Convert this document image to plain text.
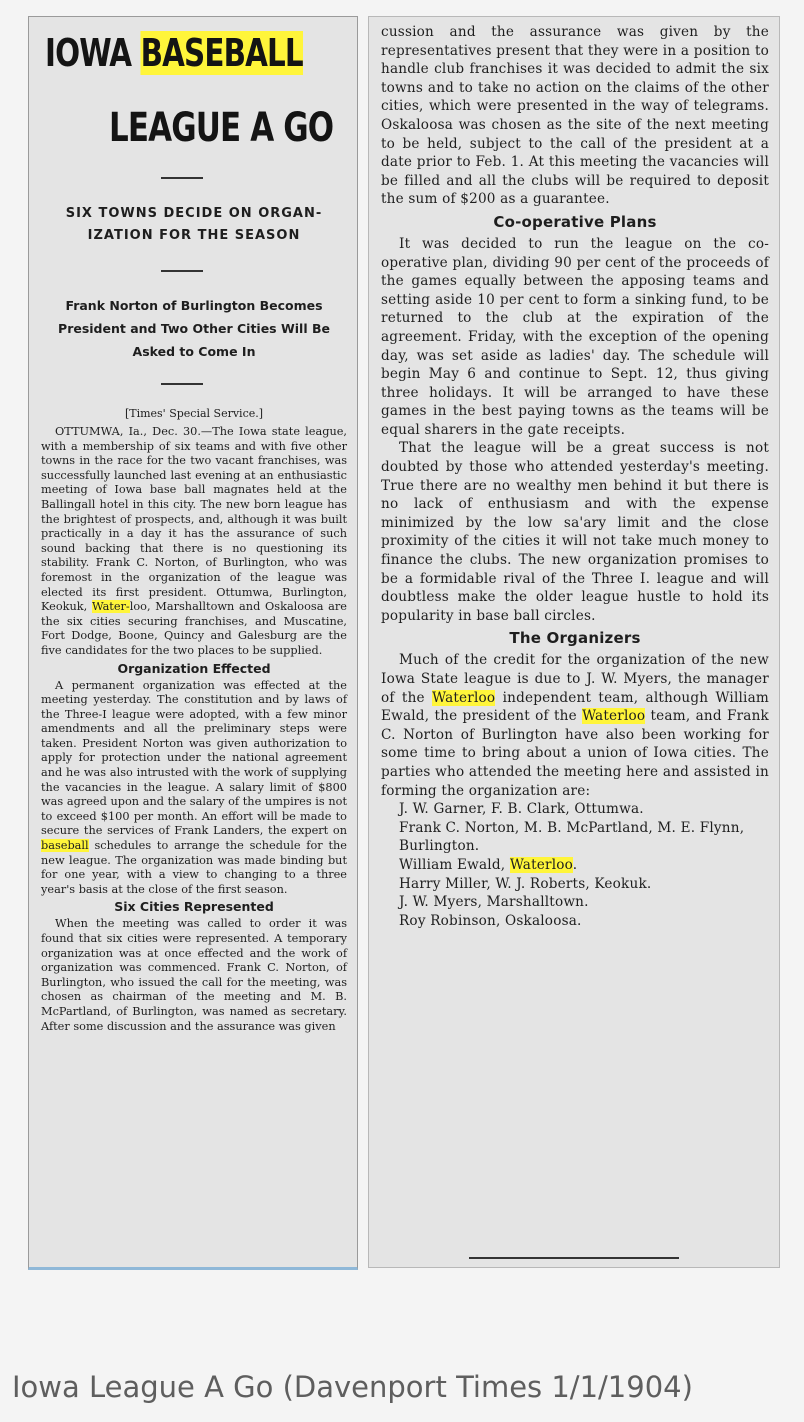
IOWA BASEBALL
LEAGUE A GO
SIX TOWNS DECIDE ON ORGAN-IZATION FOR THE SEASON
Frank Norton of Burlington Becomes President and Two Other Cities Will Be Asked to Come In
[Times' Special Service.]

OTTUMWA, Ia., Dec. 30.—The Iowa state league, with a membership of six teams and with five other towns in the race for the two vacant franchises, was successfully launched last evening at an enthusiastic meeting of Iowa base ball magnates held at the Ballingall hotel in this city. The new born league has the brightest of prospects, and, although it was built practically in a day it has the assurance of such sound backing that there is no questioning its stability. Frank C. Norton, of Burlington, who was foremost in the organization of the league was elected its first president. Ottumwa, Burlington, Keokuk, Water-loo, Marshalltown and Oskaloosa are the six cities securing franchises, and Muscatine, Fort Dodge, Boone, Quincy and Galesburg are the five candidates for the two places to be supplied.

Organization Effected

A permanent organization was effected at the meeting yesterday. The constitution and by laws of the Three-I league were adopted, with a few minor amendments and all the preliminary steps were taken. President Norton was given authorization to apply for protection under the national agreement and he was also intrusted with the work of supplying the vacancies in the league. A salary limit of $800 was agreed upon and the salary of the umpires is not to exceed $100 per month. An effort will be made to secure the services of Frank Landers, the expert on baseball schedules to arrange the schedule for the new league. The organization was made binding but for one year, with a view to changing to a three year's basis at the close of the first season.

Six Cities Represented

When the meeting was called to order it was found that six cities were represented. A temporary organization was at once effected and the work of organization was commenced. Frank C. Norton, of Burlington, who issued the call for the meeting, was chosen as chairman of the meeting and M. B. McPartland, of Burlington, was named as secretary. After some discussion and the assurance was given

cussion and the assurance was given by the representatives present that they were in a position to handle club franchises it was decided to admit the six towns and to take no action on the claims of the other cities, which were presented in the way of telegrams. Oskaloosa was chosen as the site of the next meeting to be held, subject to the call of the president at a date prior to Feb. 1. At this meeting the vacancies will be filled and all the clubs will be required to deposit the sum of $200 as a guarantee.

Co-operative Plans

It was decided to run the league on the co-operative plan, dividing 90 per cent of the proceeds of the games equally between the apposing teams and setting aside 10 per cent to form a sinking fund, to be returned to the club at the expiration of the agreement. Friday, with the exception of the opening day, was set aside as ladies' day. The schedule will begin May 6 and continue to Sept. 12, thus giving three holidays. It will be arranged to have these games in the best paying towns as the teams will be equal sharers in the gate receipts.

That the league will be a great success is not doubted by those who attended yesterday's meeting. True there are no wealthy men behind it but there is no lack of enthusiasm and with the expense minimized by the low sa'ary limit and the close proximity of the cities it will not take much money to finance the clubs. The new organization promises to be a formidable rival of the Three I. league and will doubtless make the older league hustle to hold its popularity in base ball circles.

The Organizers

Much of the credit for the organization of the new Iowa State league is due to J. W. Myers, the manager of the Waterloo independent team, although William Ewald, the president of the Waterloo team, and Frank C. Norton of Burlington have also been working for some time to bring about a union of Iowa cities. The parties who attended the meeting here and assisted in forming the organization are:

J. W. Garner, F. B. Clark, Ottumwa.
Frank C. Norton, M. B. McPartland, M. E. Flynn, Burlington.
William Ewald, Waterloo.
Harry Miller, W. J. Roberts, Keokuk.
J. W. Myers, Marshalltown.
Roy Robinson, Oskaloosa.
Iowa League A Go (Davenport Times 1/1/1904)
